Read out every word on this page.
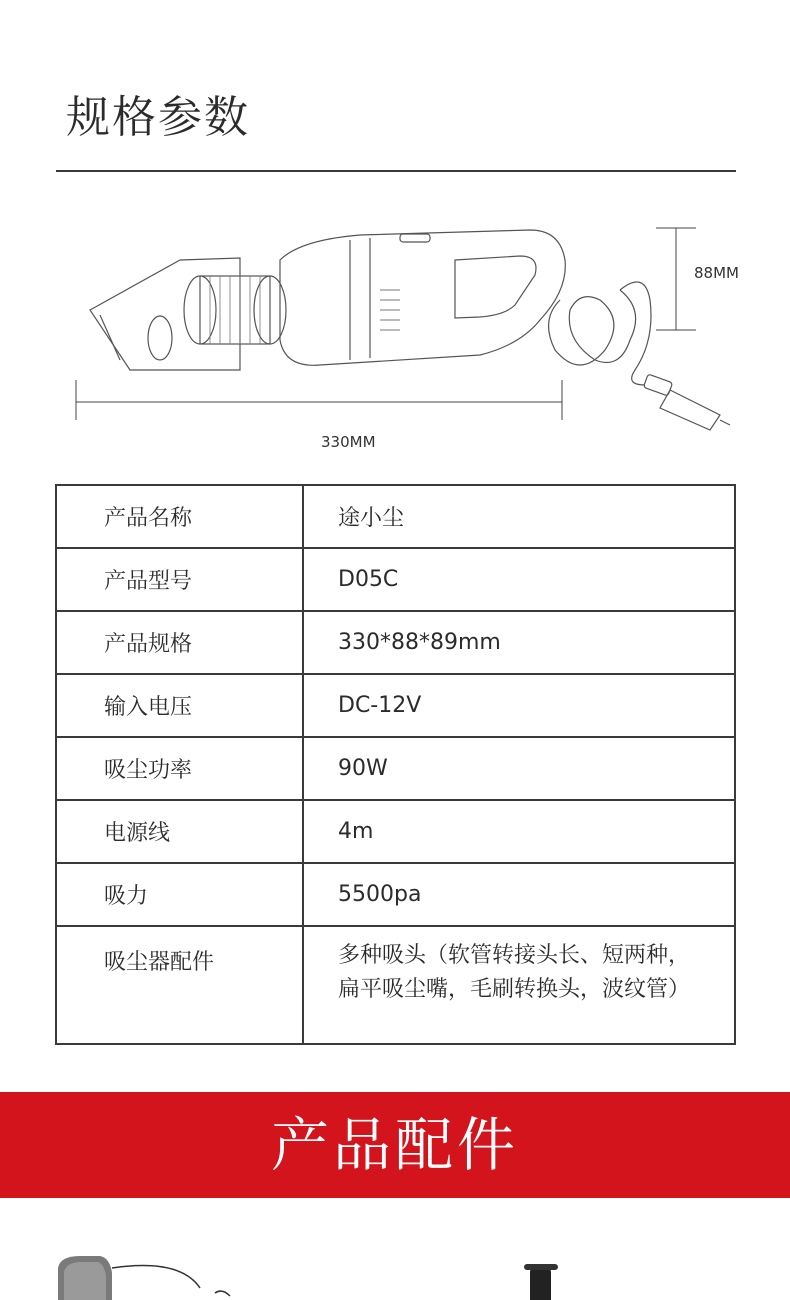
规格参数
330MM
88MM
产品名称	途小尘
产品型号	D05C
产品规格	330*88*89mm
输入电压	DC-12V
吸尘功率	90W
电源线	4m
吸力	5500pa
吸尘器配件	多种吸头（软管转接头长、短两种，
扁平吸尘嘴，毛刷转换头，波纹管）
产品配件
